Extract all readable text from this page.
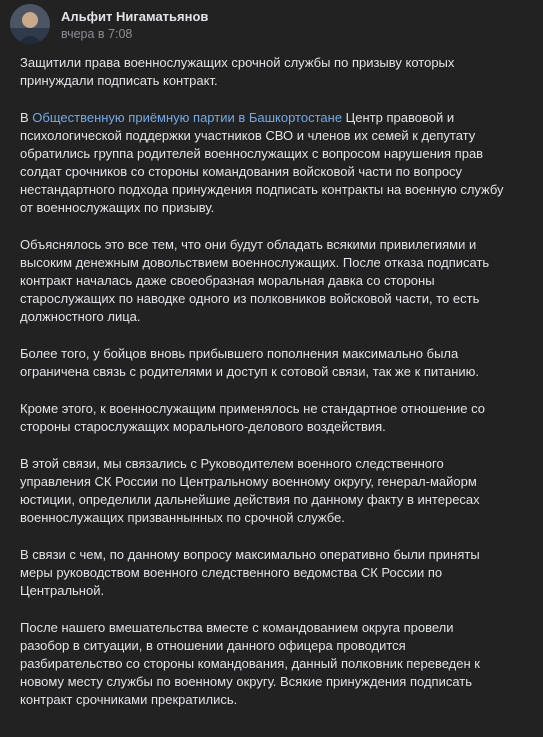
Альфит Нигаматьянов
вчера в 7:08

Защитили права военнослужащих срочной службы по призыву которых
принуждали подписать контракт.

В Общественную приёмную партии в Башкортостане Центр правовой и
психологической поддержки участников СВО и членов их семей к депутату
обратились группа родителей военнослужащих с вопросом нарушения прав
солдат срочников со стороны командования войсковой части по вопросу
нестандартного подхода принуждения подписать контракты на военную службу
от военнослужащих по призыву.

Объяснялось это все тем, что они будут обладать всякими привилегиями и
высоким денежным довольствием военнослужащих. После отказа подписать
контракт началась даже своеобразная моральная давка со стороны
старослужащих по наводке одного из полковников войсковой части, то есть
должностного лица.

Более того, у бойцов вновь прибывшего пополнения максимально была
ограничена связь с родителями и доступ к сотовой связи, так же к питанию.

Кроме этого, к военнослужащим применялось не стандартное отношение со
стороны старослужащих морального-делового воздействия.

В этой связи, мы связались с Руководителем военного следственного
управления СК России по Центральному военному округу, генерал-майорм
юстиции, определили дальнейшие действия по данному факту в интересах
военнослужащих призваннынных по срочной службе.

В связи с чем, по данному вопросу максимально оперативно были приняты
меры руководством военного следственного ведомства СК России по
Центральной.

После нашего вмешательства вместе с командованием округа провели
разобор в ситуации, в отношении данного офицера проводится
разбирательство со стороны командования, данный полковник переведен к
новому месту службы по военному округу. Всякие принуждения подписать
контракт срочниками прекратились.
